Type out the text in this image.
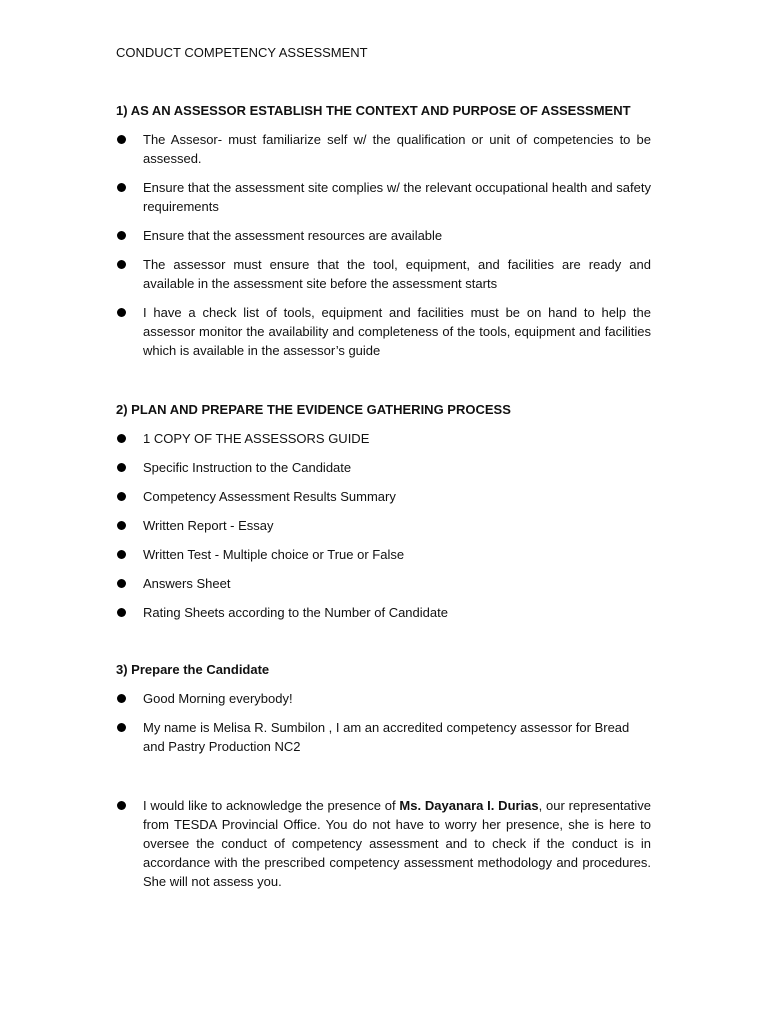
CONDUCT COMPETENCY ASSESSMENT
1) AS AN ASSESSOR ESTABLISH THE CONTEXT AND PURPOSE OF ASSESSMENT
The Assesor- must familiarize self w/ the qualification or unit of competencies to be assessed.
Ensure that the assessment site complies w/ the relevant occupational health and safety requirements
Ensure that the assessment resources are available
The assessor must ensure that the tool, equipment, and facilities are ready and available in the assessment site before the assessment starts
I have a check list of tools, equipment and facilities must be on hand to help the assessor monitor the availability and completeness of the tools, equipment and facilities which is available in the assessor’s guide
2) PLAN AND PREPARE THE EVIDENCE GATHERING PROCESS
1 COPY OF THE ASSESSORS GUIDE
Specific Instruction to the Candidate
Competency Assessment Results Summary
Written Report - Essay
Written Test - Multiple choice or True or False
Answers Sheet
Rating Sheets according to the Number of Candidate
3) Prepare the Candidate
Good Morning everybody!
My name is Melisa R. Sumbilon , I am an accredited competency assessor for Bread and Pastry Production NC2
I would like to acknowledge the presence of Ms. Dayanara I. Durias, our representative from TESDA Provincial Office. You do not have to worry her presence, she is here to oversee the conduct of competency assessment and to check if the conduct is in accordance with the prescribed competency assessment methodology and procedures. She will not assess you.
